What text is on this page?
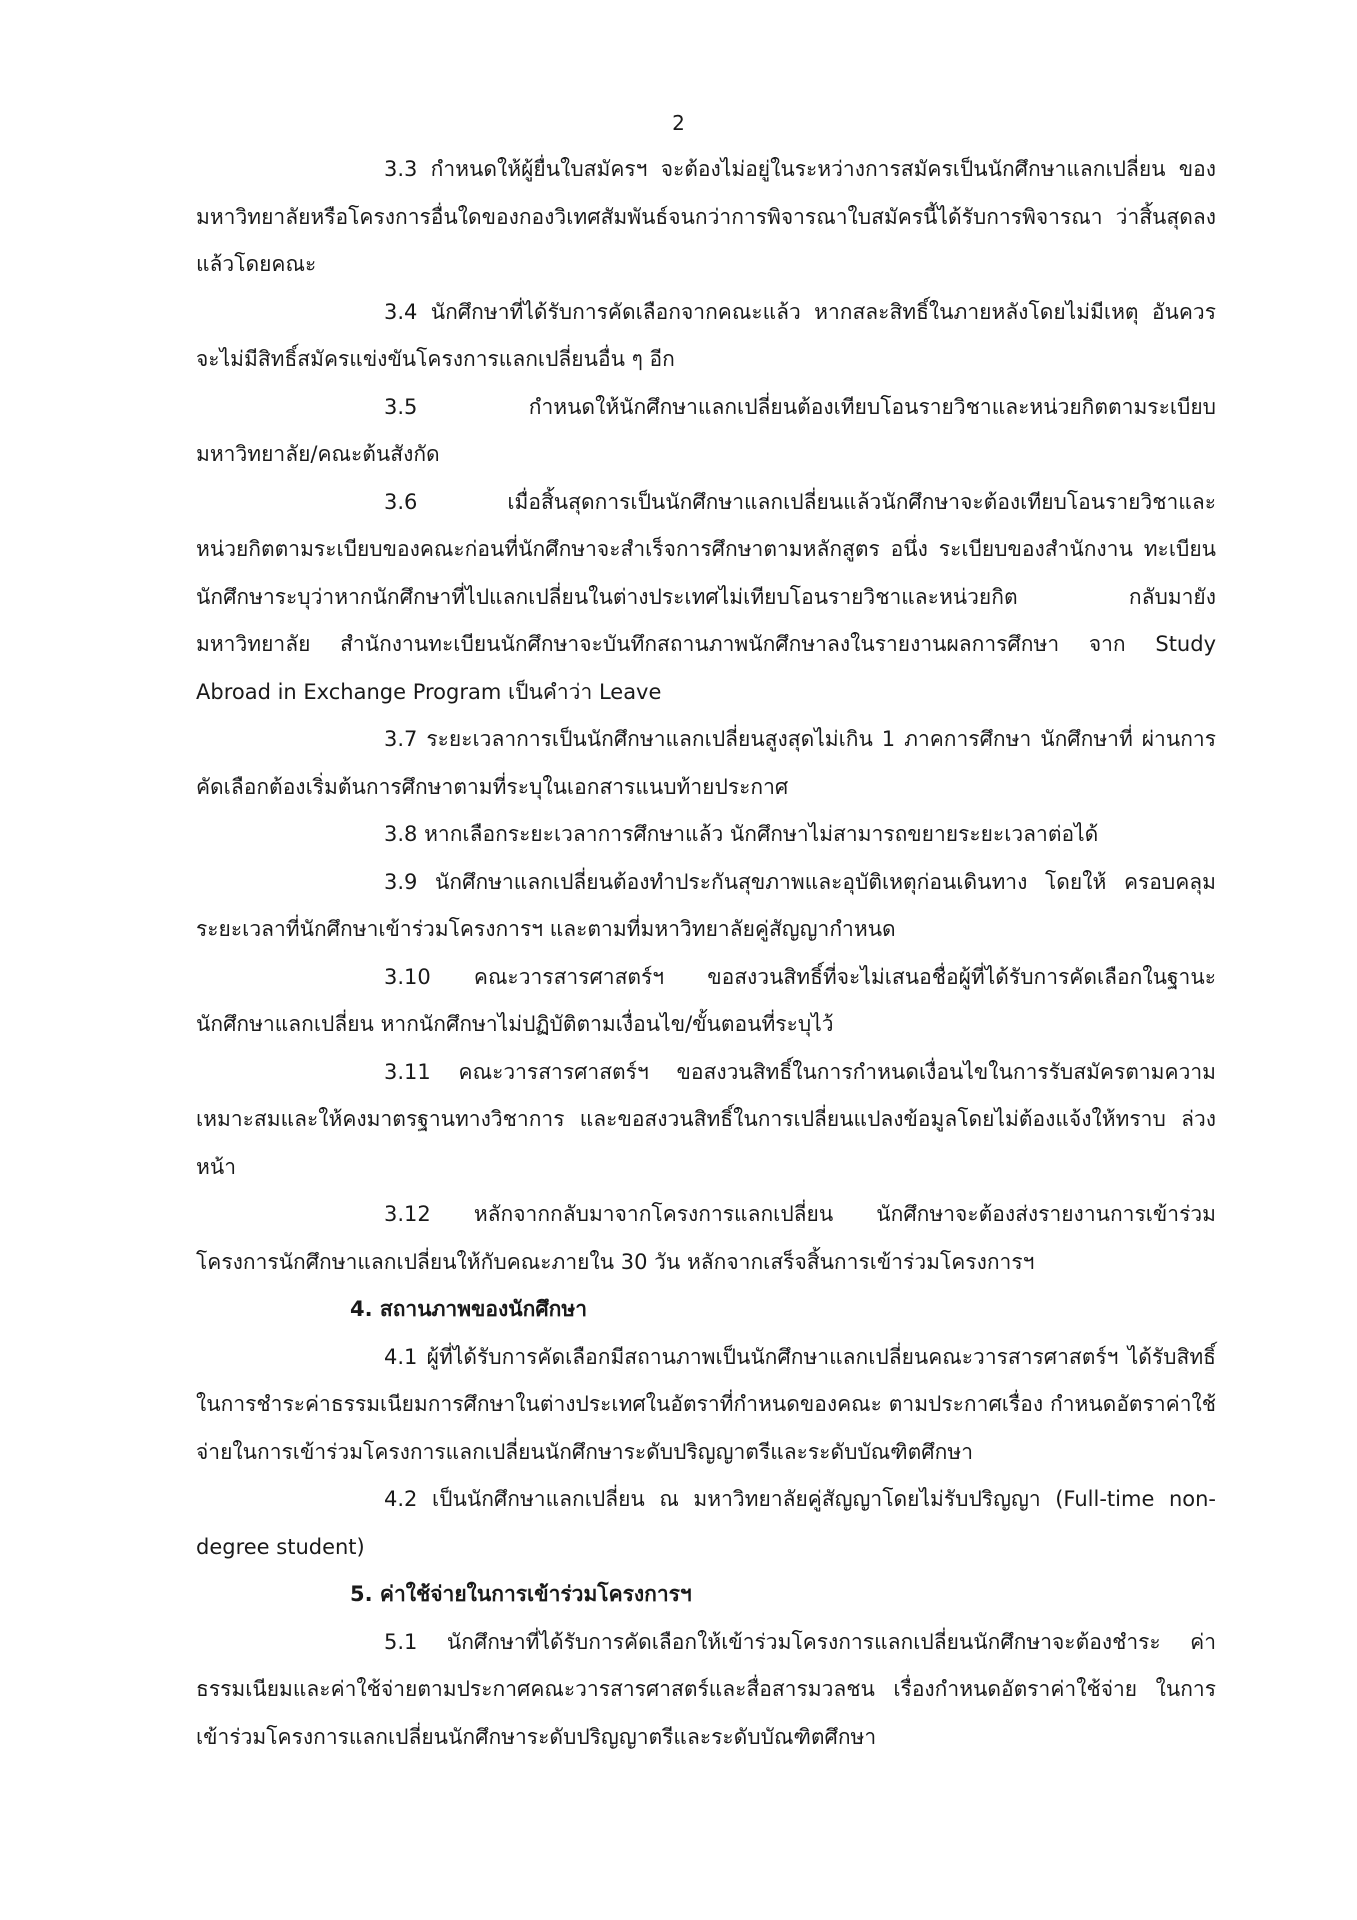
2

3.3 กำหนดให้ผู้ยื่นใบสมัครฯ จะต้องไม่อยู่ในระหว่างการสมัครเป็นนักศึกษาแลกเปลี่ยน ของมหาวิทยาลัยหรือโครงการอื่นใดของกองวิเทศสัมพันธ์จนกว่าการพิจารณาใบสมัครนี้ได้รับการพิจารณา ว่าสิ้นสุดลงแล้วโดยคณะ

3.4 นักศึกษาที่ได้รับการคัดเลือกจากคณะแล้ว หากสละสิทธิ์ในภายหลังโดยไม่มีเหตุ อันควรจะไม่มีสิทธิ์สมัครแข่งขันโครงการแลกเปลี่ยนอื่น ๆ อีก

3.5 กำหนดให้นักศึกษาแลกเปลี่ยนต้องเทียบโอนรายวิชาและหน่วยกิตตามระเบียบ มหาวิทยาลัย/คณะต้นสังกัด

3.6 เมื่อสิ้นสุดการเป็นนักศึกษาแลกเปลี่ยนแล้วนักศึกษาจะต้องเทียบโอนรายวิชาและ หน่วยกิตตามระเบียบของคณะก่อนที่นักศึกษาจะสำเร็จการศึกษาตามหลักสูตร อนึ่ง ระเบียบของสำนักงาน ทะเบียนนักศึกษาระบุว่าหากนักศึกษาที่ไปแลกเปลี่ยนในต่างประเทศไม่เทียบโอนรายวิชาและหน่วยกิต กลับมายังมหาวิทยาลัย สำนักงานทะเบียนนักศึกษาจะบันทึกสถานภาพนักศึกษาลงในรายงานผลการศึกษา จาก Study Abroad in Exchange Program เป็นคำว่า Leave

3.7 ระยะเวลาการเป็นนักศึกษาแลกเปลี่ยนสูงสุดไม่เกิน 1 ภาคการศึกษา นักศึกษาที่ ผ่านการคัดเลือกต้องเริ่มต้นการศึกษาตามที่ระบุในเอกสารแนบท้ายประกาศ

3.8 หากเลือกระยะเวลาการศึกษาแล้ว นักศึกษาไม่สามารถขยายระยะเวลาต่อได้

3.9 นักศึกษาแลกเปลี่ยนต้องทำประกันสุขภาพและอุบัติเหตุก่อนเดินทาง โดยให้ ครอบคลุมระยะเวลาที่นักศึกษาเข้าร่วมโครงการฯ และตามที่มหาวิทยาลัยคู่สัญญากำหนด

3.10 คณะวารสารศาสตร์ฯ ขอสงวนสิทธิ์ที่จะไม่เสนอชื่อผู้ที่ได้รับการคัดเลือกในฐานะ นักศึกษาแลกเปลี่ยน หากนักศึกษาไม่ปฏิบัติตามเงื่อนไข/ขั้นตอนที่ระบุไว้

3.11 คณะวารสารศาสตร์ฯ ขอสงวนสิทธิ์ในการกำหนดเงื่อนไขในการรับสมัครตามความ เหมาะสมและให้คงมาตรฐานทางวิชาการ และขอสงวนสิทธิ์ในการเปลี่ยนแปลงข้อมูลโดยไม่ต้องแจ้งให้ทราบ ล่วงหน้า

3.12 หลักจากกลับมาจากโครงการแลกเปลี่ยน นักศึกษาจะต้องส่งรายงานการเข้าร่วม โครงการนักศึกษาแลกเปลี่ยนให้กับคณะภายใน 30 วัน หลักจากเสร็จสิ้นการเข้าร่วมโครงการฯ

4. สถานภาพของนักศึกษา

4.1 ผู้ที่ได้รับการคัดเลือกมีสถานภาพเป็นนักศึกษาแลกเปลี่ยนคณะวารสารศาสตร์ฯ ได้รับสิทธิ์ในการชำระค่าธรรมเนียมการศึกษาในต่างประเทศในอัตราที่กำหนดของคณะ ตามประกาศเรื่อง กำหนดอัตราค่าใช้จ่ายในการเข้าร่วมโครงการแลกเปลี่ยนนักศึกษาระดับปริญญาตรีและระดับบัณฑิตศึกษา

4.2 เป็นนักศึกษาแลกเปลี่ยน ณ มหาวิทยาลัยคู่สัญญาโดยไม่รับปริญญา (Full-time non-degree student)

5. ค่าใช้จ่ายในการเข้าร่วมโครงการฯ

5.1 นักศึกษาที่ได้รับการคัดเลือกให้เข้าร่วมโครงการแลกเปลี่ยนนักศึกษาจะต้องชำระ ค่าธรรมเนียมและค่าใช้จ่ายตามประกาศคณะวารสารศาสตร์และสื่อสารมวลชน เรื่องกำหนดอัตราค่าใช้จ่าย ในการเข้าร่วมโครงการแลกเปลี่ยนนักศึกษาระดับปริญญาตรีและระดับบัณฑิตศึกษา
